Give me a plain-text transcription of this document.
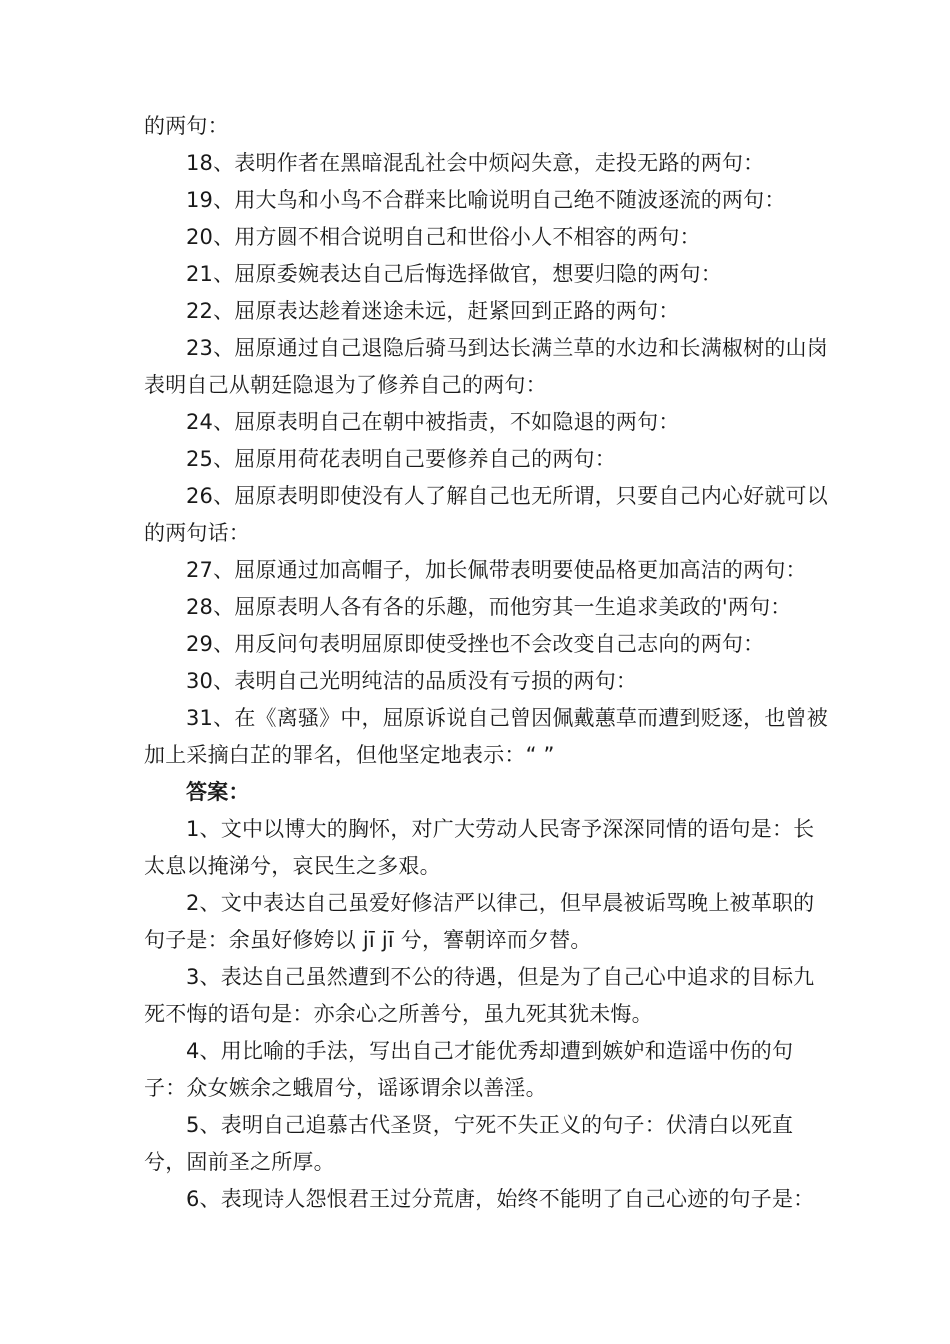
的两句：

18、表明作者在黑暗混乱社会中烦闷失意，走投无路的两句：

19、用大鸟和小鸟不合群来比喻说明自己绝不随波逐流的两句：

20、用方圆不相合说明自己和世俗小人不相容的两句：

21、屈原委婉表达自己后悔选择做官，想要归隐的两句：

22、屈原表达趁着迷途未远，赶紧回到正路的两句：

23、屈原通过自己退隐后骑马到达长满兰草的水边和长满椒树的山岗表明自己从朝廷隐退为了修养自己的两句：

24、屈原表明自己在朝中被指责，不如隐退的两句：

25、屈原用荷花表明自己要修养自己的两句：

26、屈原表明即使没有人了解自己也无所谓，只要自己内心好就可以的两句话：

27、屈原通过加高帽子，加长佩带表明要使品格更加高洁的两句：

28、屈原表明人各有各的乐趣，而他穷其一生追求美政的'两句：

29、用反问句表明屈原即使受挫也不会改变自己志向的两句：

30、表明自己光明纯洁的品质没有亏损的两句：

31、在《离骚》中，屈原诉说自己曾因佩戴蕙草而遭到贬逐，也曾被加上采摘白芷的罪名，但他坚定地表示：“ ”

答案：

1、文中以博大的胸怀，对广大劳动人民寄予深深同情的语句是：长太息以掩涕兮，哀民生之多艰。

2、文中表达自己虽爱好修洁严以律己，但早晨被诟骂晚上被革职的句子是：余虽好修姱以 jī jī 兮，謇朝谇而夕替。

3、表达自己虽然遭到不公的待遇，但是为了自己心中追求的目标九死不悔的语句是：亦余心之所善兮，虽九死其犹未悔。

4、用比喻的手法，写出自己才能优秀却遭到嫉妒和造谣中伤的句子：众女嫉余之蛾眉兮，谣诼谓余以善淫。

5、表明自己追慕古代圣贤，宁死不失正义的句子：伏清白以死直兮，固前圣之所厚。

6、表现诗人怨恨君王过分荒唐，始终不能明了自己心迹的句子是：
